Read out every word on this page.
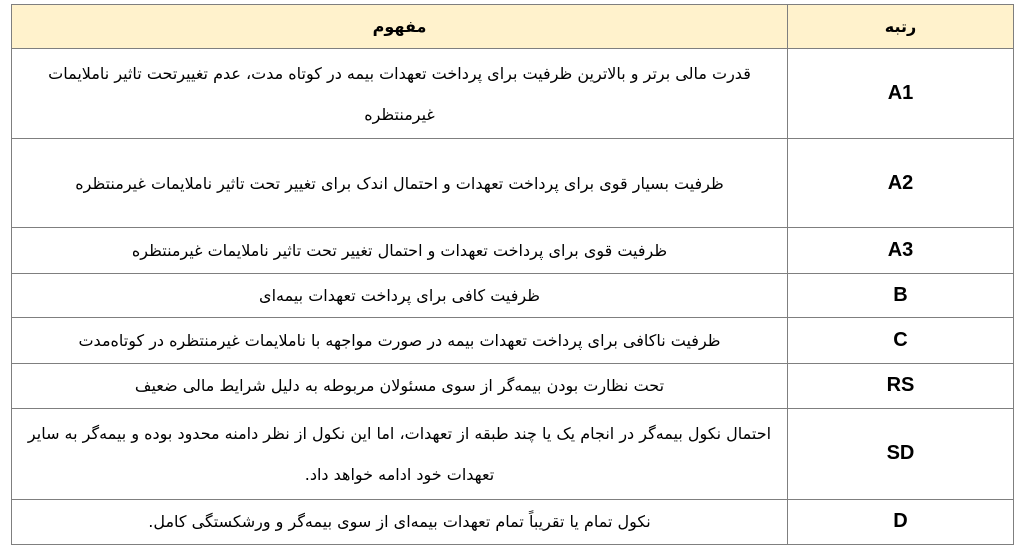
مفهوم	رتبه
قدرت مالی برتر و بالاترین ظرفیت برای پرداخت تعهدات بیمه در کوتاه مدت، عدم تغییرتحت تاثیر ناملایمات غیرمنتظره	A1
ظرفیت بسیار قوی برای پرداخت تعهدات و احتمال اندک برای تغییر تحت تاثیر ناملایمات غیرمنتظره	A2
ظرفیت قوی برای پرداخت تعهدات و احتمال تغییر تحت تاثیر ناملایمات غیرمنتظره	A3
ظرفیت کافی برای پرداخت تعهدات بیمه‌ای	B
ظرفیت ناکافی برای پرداخت تعهدات بیمه در صورت مواجهه با ناملایمات غیرمنتظره در کوتاه‌مدت	C
تحت نظارت بودن بیمه‌گر از سوی مسئولان مربوطه به دلیل شرایط مالی ضعیف	RS
احتمال نکول بیمه‌گر در انجام یک یا چند طبقه از تعهدات، اما این نکول از نظر دامنه محدود بوده و بیمه‌گر به سایر تعهدات خود ادامه خواهد داد.	SD
نکول تمام یا تقریباً تمام تعهدات بیمه‌ای از سوی بیمه‌گر و ورشکستگی کامل.	D
